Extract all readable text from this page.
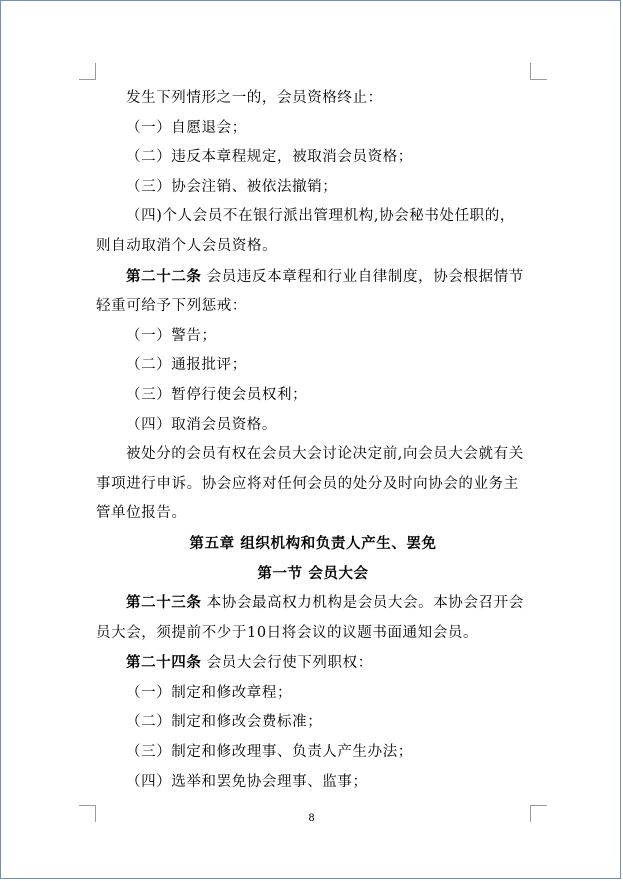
发生下列情形之一的，会员资格终止：

（一）自愿退会；

（二）违反本章程规定，被取消会员资格；

（三）协会注销、被依法撤销；

（四)个人会员不在银行派出管理机构,协会秘书处任职的，则自动取消个人会员资格。

第二十二条 会员违反本章程和行业自律制度，协会根据情节轻重可给予下列惩戒：

（一）警告；

（二）通报批评；

（三）暂停行使会员权利；

（四）取消会员资格。

被处分的会员有权在会员大会讨论决定前,向会员大会就有关事项进行申诉。协会应将对任何会员的处分及时向协会的业务主管单位报告。

第五章 组织机构和负责人产生、罢免

第一节 会员大会

第二十三条 本协会最高权力机构是会员大会。本协会召开会员大会，须提前不少于10日将会议的议题书面通知会员。

第二十四条 会员大会行使下列职权：

（一）制定和修改章程；

（二）制定和修改会费标准；

（三）制定和修改理事、负责人产生办法；

（四）选举和罢免协会理事、监事；

8
